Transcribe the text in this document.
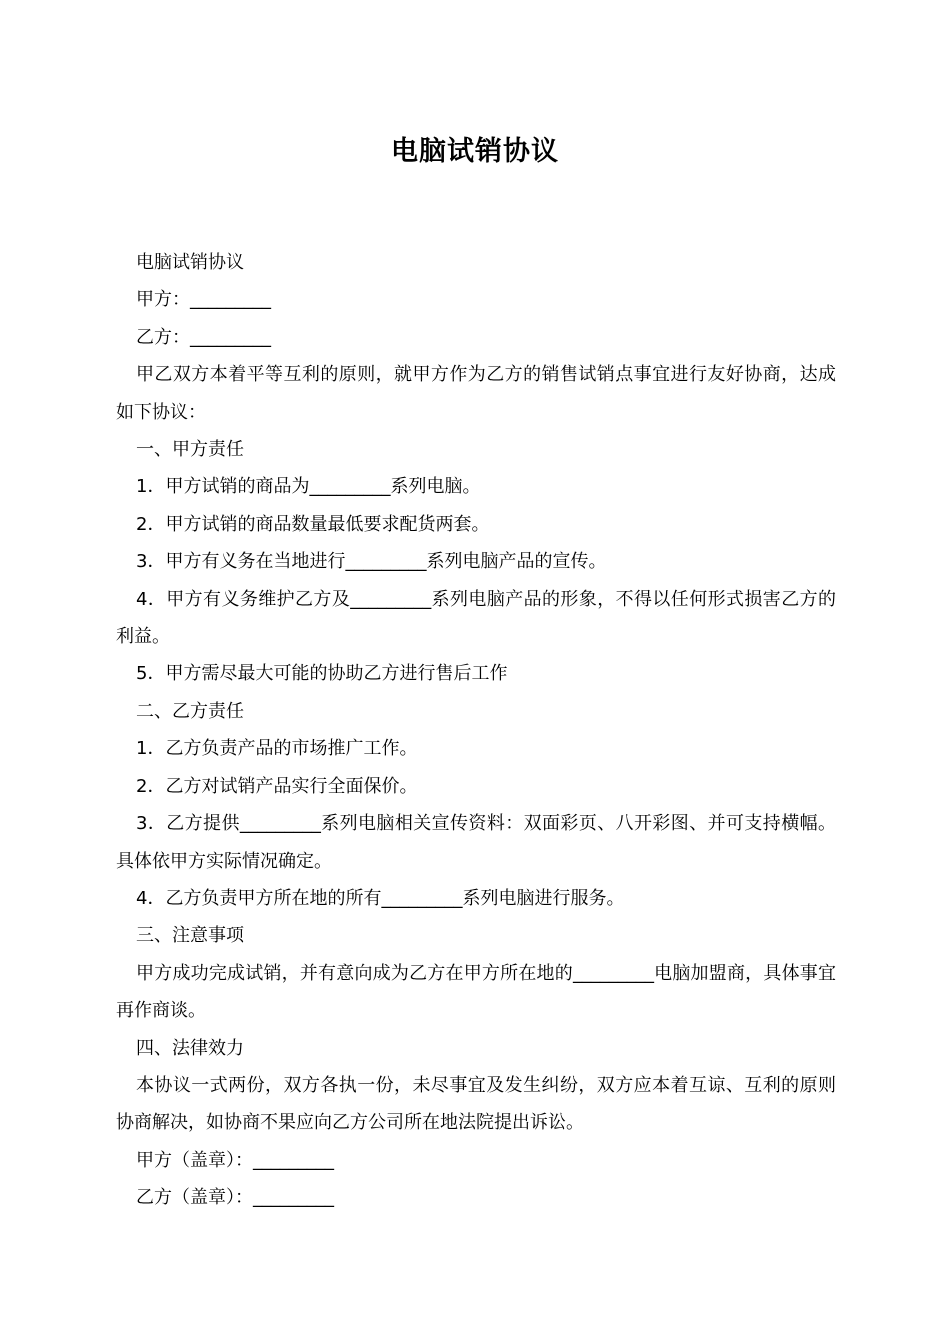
电脑试销协议

电脑试销协议

甲方：_________

乙方：_________

甲乙双方本着平等互利的原则，就甲方作为乙方的销售试销点事宜进行友好协商，达成如下协议：

一、甲方责任

1．甲方试销的商品为_________系列电脑。

2．甲方试销的商品数量最低要求配货两套。

3．甲方有义务在当地进行_________系列电脑产品的宣传。

4．甲方有义务维护乙方及_________系列电脑产品的形象，不得以任何形式损害乙方的利益。

5．甲方需尽最大可能的协助乙方进行售后工作

二、乙方责任

1．乙方负责产品的市场推广工作。

2．乙方对试销产品实行全面保价。

3．乙方提供_________系列电脑相关宣传资料：双面彩页、八开彩图、并可支持横幅。具体依甲方实际情况确定。

4．乙方负责甲方所在地的所有_________系列电脑进行服务。

三、注意事项

甲方成功完成试销，并有意向成为乙方在甲方所在地的_________电脑加盟商，具体事宜再作商谈。

四、法律效力

本协议一式两份，双方各执一份，未尽事宜及发生纠纷，双方应本着互谅、互利的原则协商解决，如协商不果应向乙方公司所在地法院提出诉讼。

甲方（盖章）：_________

乙方（盖章）：_________
